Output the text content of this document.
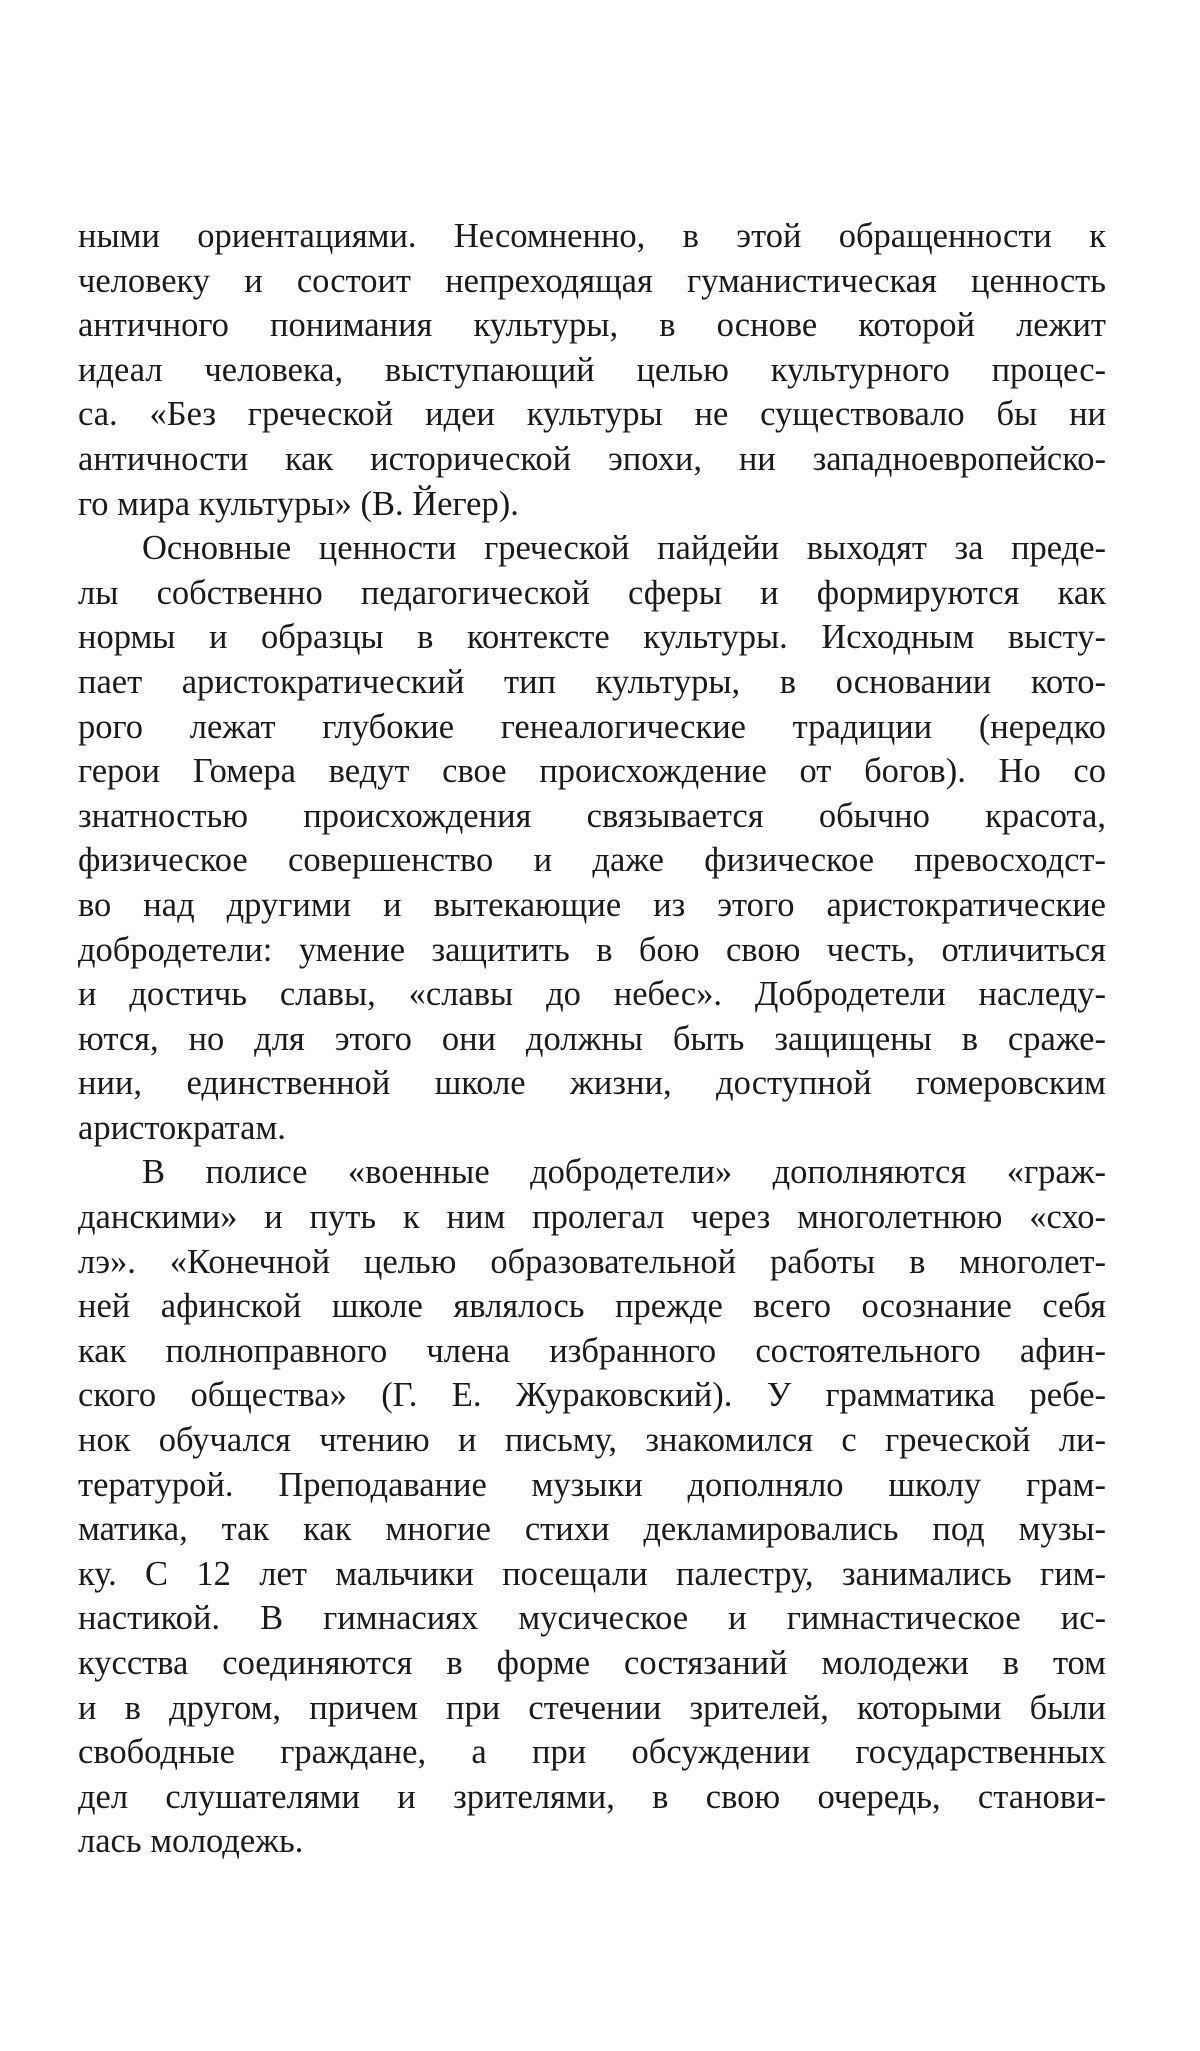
ными ориентациями. Несомненно, в этой обращенности к
человеку и состоит непреходящая гуманистическая ценность
античного понимания культуры, в основе которой лежит
идеал человека, выступающий целью культурного процес-
са. «Без греческой идеи культуры не существовало бы ни
античности как исторической эпохи, ни западноевропейско-
го мира культуры» (В. Йегер).
Основные ценности греческой пайдейи выходят за преде-
лы собственно педагогической сферы и формируются как
нормы и образцы в контексте культуры. Исходным высту-
пает аристократический тип культуры, в основании кото-
рого лежат глубокие генеалогические традиции (нередко
герои Гомера ведут свое происхождение от богов). Но со
знатностью происхождения связывается обычно красота,
физическое совершенство и даже физическое превосходст-
во над другими и вытекающие из этого аристократические
добродетели: умение защитить в бою свою честь, отличиться
и достичь славы, «славы до небес». Добродетели наследу-
ются, но для этого они должны быть защищены в сраже-
нии, единственной школе жизни, доступной гомеровским
аристократам.
В полисе «военные добродетели» дополняются «граж-
данскими» и путь к ним пролегал через многолетнюю «схо-
лэ». «Конечной целью образовательной работы в многолет-
ней афинской школе являлось прежде всего осознание себя
как полноправного члена избранного состоятельного афин-
ского общества» (Г. Е. Жураковский). У грамматика ребе-
нок обучался чтению и письму, знакомился с греческой ли-
тературой. Преподавание музыки дополняло школу грам-
матика, так как многие стихи декламировались под музы-
ку. С 12 лет мальчики посещали палестру, занимались гим-
настикой. В гимнасиях мусическое и гимнастическое ис-
кусства соединяются в форме состязаний молодежи в том
и в другом, причем при стечении зрителей, которыми были
свободные граждане, а при обсуждении государственных
дел слушателями и зрителями, в свою очередь, станови-
лась молодежь.
